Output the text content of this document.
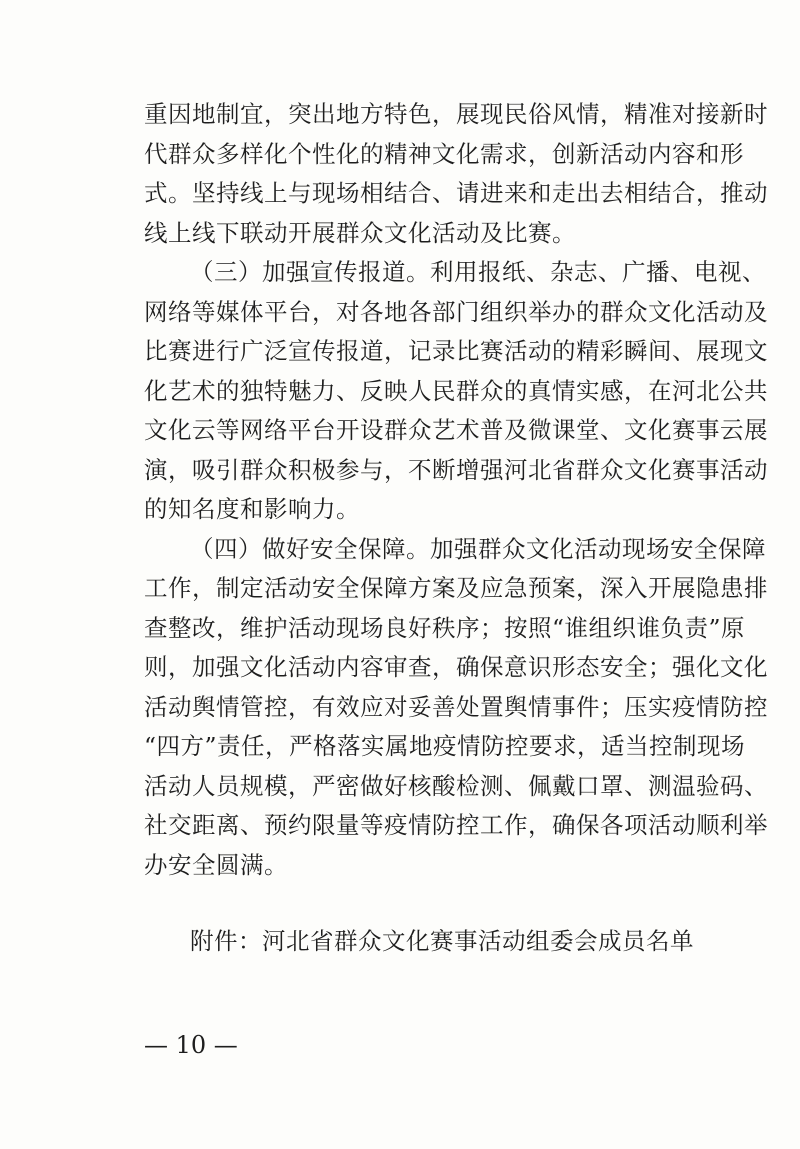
重因地制宜，突出地方特色，展现民俗风情，精准对接新时
代群众多样化个性化的精神文化需求，创新活动内容和形
式。坚持线上与现场相结合、请进来和走出去相结合，推动
线上线下联动开展群众文化活动及比赛。
（三）加强宣传报道。利用报纸、杂志、广播、电视、
网络等媒体平台，对各地各部门组织举办的群众文化活动及
比赛进行广泛宣传报道，记录比赛活动的精彩瞬间、展现文
化艺术的独特魅力、反映人民群众的真情实感，在河北公共
文化云等网络平台开设群众艺术普及微课堂、文化赛事云展
演，吸引群众积极参与，不断增强河北省群众文化赛事活动
的知名度和影响力。
（四）做好安全保障。加强群众文化活动现场安全保障
工作，制定活动安全保障方案及应急预案，深入开展隐患排
查整改，维护活动现场良好秩序；按照“谁组织谁负责”原
则，加强文化活动内容审查，确保意识形态安全；强化文化
活动舆情管控，有效应对妥善处置舆情事件；压实疫情防控
“四方”责任，严格落实属地疫情防控要求，适当控制现场
活动人员规模，严密做好核酸检测、佩戴口罩、测温验码、
社交距离、预约限量等疫情防控工作，确保各项活动顺利举
办安全圆满。
附件：河北省群众文化赛事活动组委会成员名单
— 10 —
